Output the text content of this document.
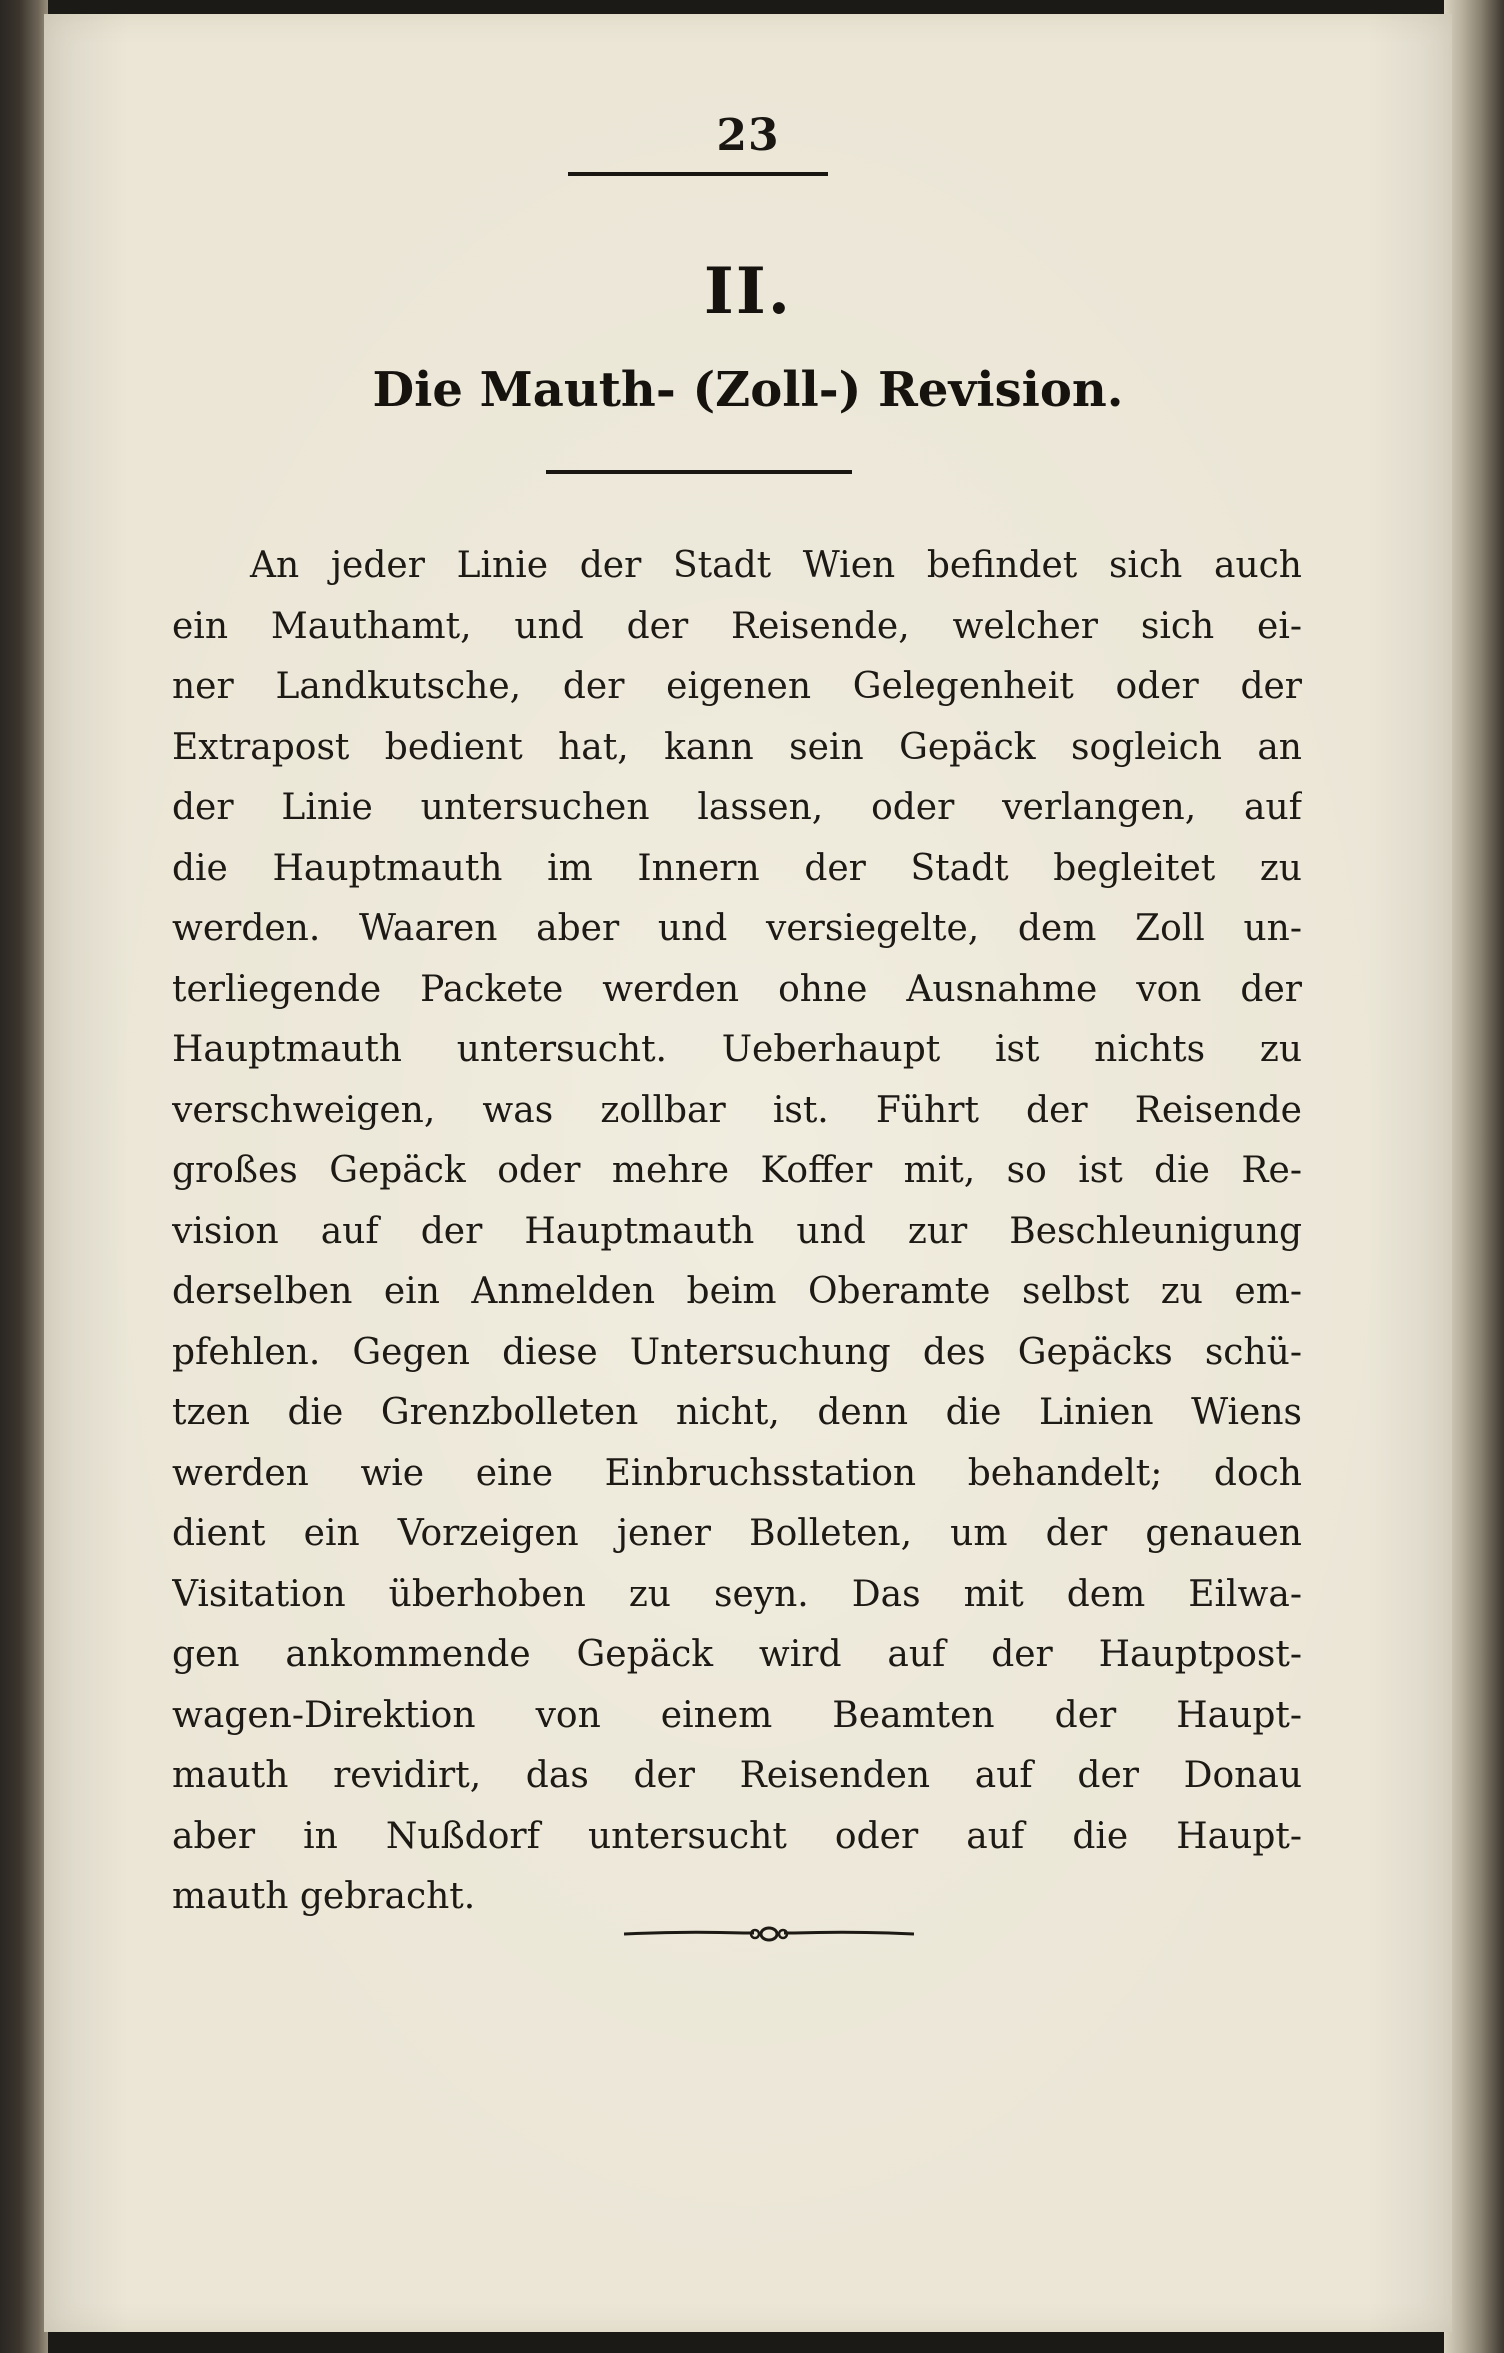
23
II.
Die Mauth- (Zoll-) Revision.
An jeder Linie der Stadt Wien befindet sich auch
ein Mauthamt, und der Reisende, welcher sich ei-
ner Landkutsche, der eigenen Gelegenheit oder der
Extrapost bedient hat, kann sein Gepäck sogleich an
der Linie untersuchen lassen, oder verlangen, auf
die Hauptmauth im Innern der Stadt begleitet zu
werden. Waaren aber und versiegelte, dem Zoll un-
terliegende Packete werden ohne Ausnahme von der
Hauptmauth untersucht. Ueberhaupt ist nichts zu
verschweigen, was zollbar ist. Führt der Reisende
großes Gepäck oder mehre Koffer mit, so ist die Re-
vision auf der Hauptmauth und zur Beschleunigung
derselben ein Anmelden beim Oberamte selbst zu em-
pfehlen. Gegen diese Untersuchung des Gepäcks schü-
tzen die Grenzbolleten nicht, denn die Linien Wiens
werden wie eine Einbruchsstation behandelt; doch
dient ein Vorzeigen jener Bolleten, um der genauen
Visitation überhoben zu seyn. Das mit dem Eilwa-
gen ankommende Gepäck wird auf der Hauptpost-
wagen-Direktion von einem Beamten der Haupt-
mauth revidirt, das der Reisenden auf der Donau
aber in Nußdorf untersucht oder auf die Haupt-
mauth gebracht.
